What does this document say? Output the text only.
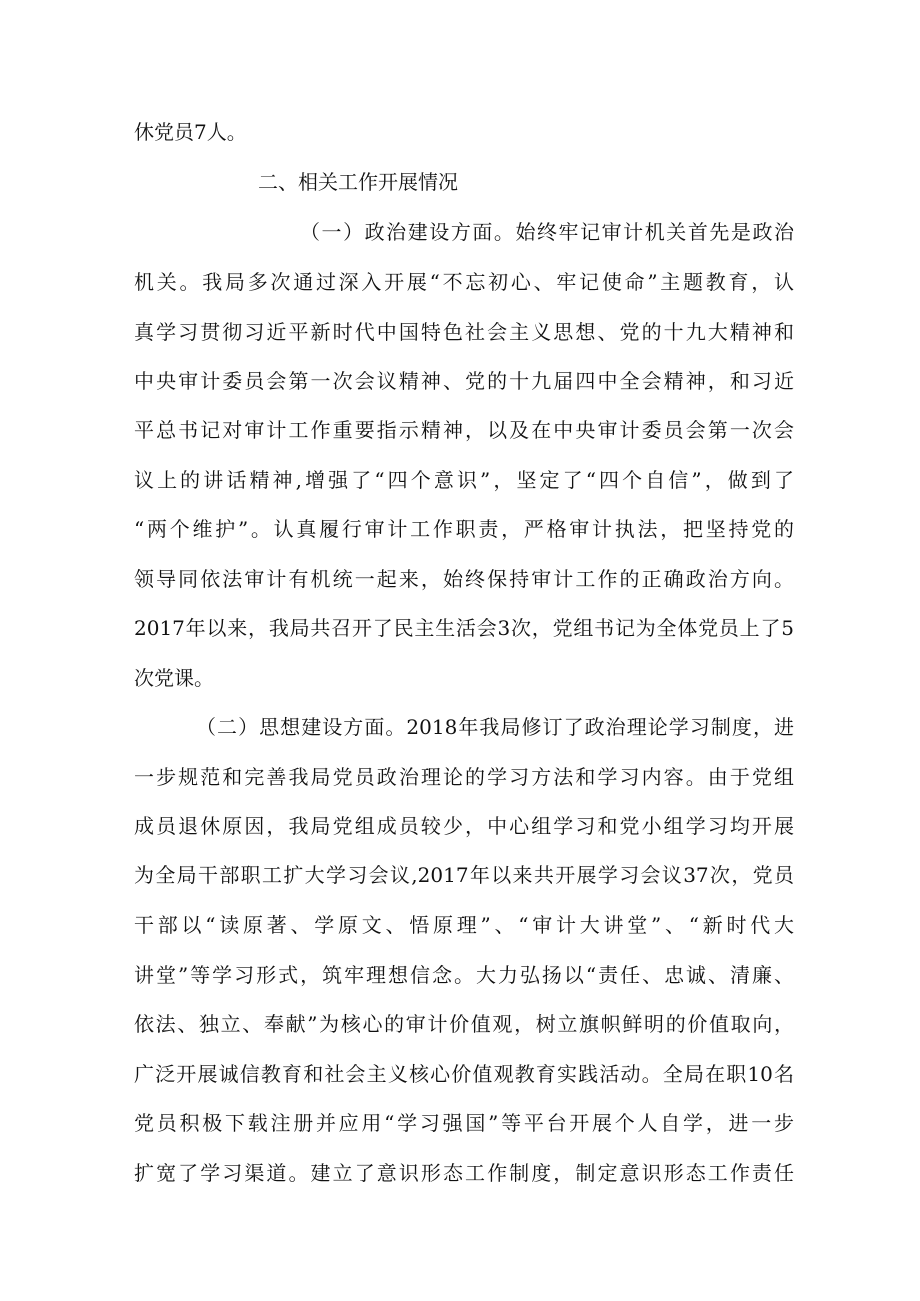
休党员7人。
二、相关工作开展情况
（一）政治建设方面。始终牢记审计机关首先是政治
机关。我局多次通过深入开展“不忘初心、牢记使命”主题教育，认
真学习贯彻习近平新时代中国特色社会主义思想、党的十九大精神和
中央审计委员会第一次会议精神、党的十九届四中全会精神，和习近
平总书记对审计工作重要指示精神，以及在中央审计委员会第一次会
议上的讲话精神,增强了“四个意识”，坚定了“四个自信”，做到了
“两个维护”。认真履行审计工作职责，严格审计执法，把坚持党的
领导同依法审计有机统一起来，始终保持审计工作的正确政治方向。
2017年以来，我局共召开了民主生活会3次，党组书记为全体党员上了5
次党课。
（二）思想建设方面。2018年我局修订了政治理论学习制度，进
一步规范和完善我局党员政治理论的学习方法和学习内容。由于党组
成员退休原因，我局党组成员较少，中心组学习和党小组学习均开展
为全局干部职工扩大学习会议,2017年以来共开展学习会议37次，党员
干部以“读原著、学原文、悟原理”、“审计大讲堂”、“新时代大
讲堂”等学习形式，筑牢理想信念。大力弘扬以“责任、忠诚、清廉、
依法、独立、奉献”为核心的审计价值观，树立旗帜鲜明的价值取向，
广泛开展诚信教育和社会主义核心价值观教育实践活动。全局在职10名
党员积极下载注册并应用“学习强国”等平台开展个人自学，进一步
扩宽了学习渠道。建立了意识形态工作制度，制定意识形态工作责任
